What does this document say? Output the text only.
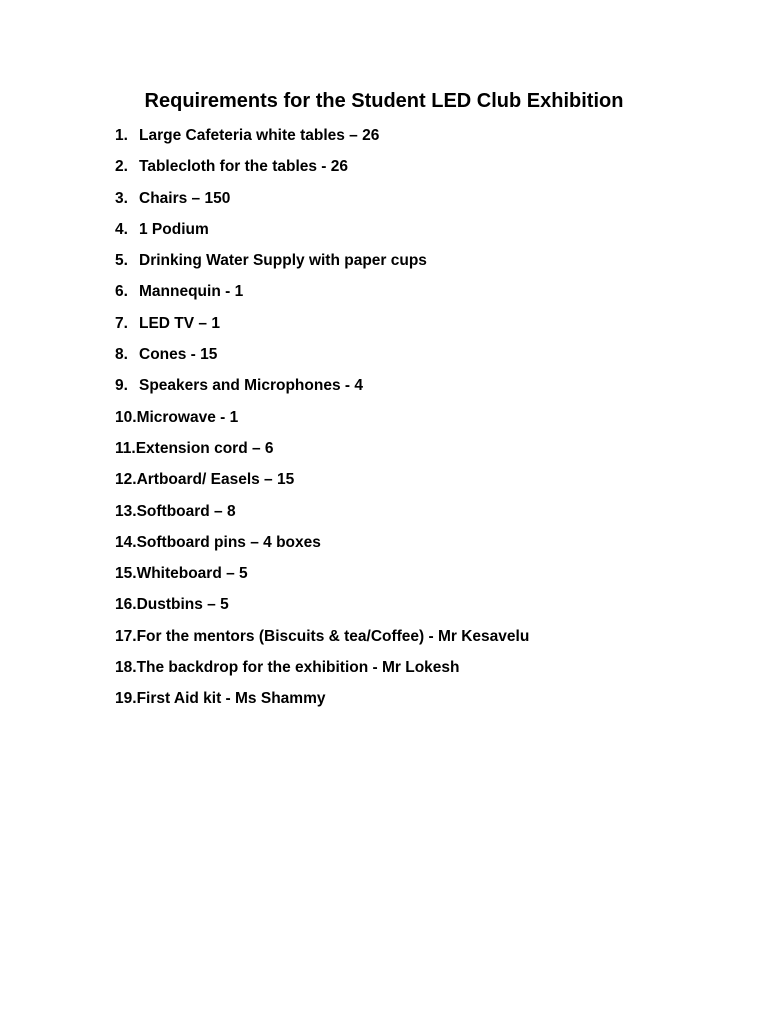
Requirements for the Student LED Club Exhibition
1. Large Cafeteria white tables – 26
2. Tablecloth for the tables - 26
3. Chairs – 150
4. 1 Podium
5. Drinking Water Supply with paper cups
6. Mannequin - 1
7. LED TV – 1
8. Cones - 15
9. Speakers and Microphones - 4
10.Microwave - 1
11.Extension cord – 6
12.Artboard/ Easels – 15
13.Softboard – 8
14.Softboard pins – 4 boxes
15.Whiteboard – 5
16.Dustbins – 5
17.For the mentors (Biscuits & tea/Coffee) - Mr Kesavelu
18.The backdrop for the exhibition - Mr Lokesh
19.First Aid kit - Ms Shammy
